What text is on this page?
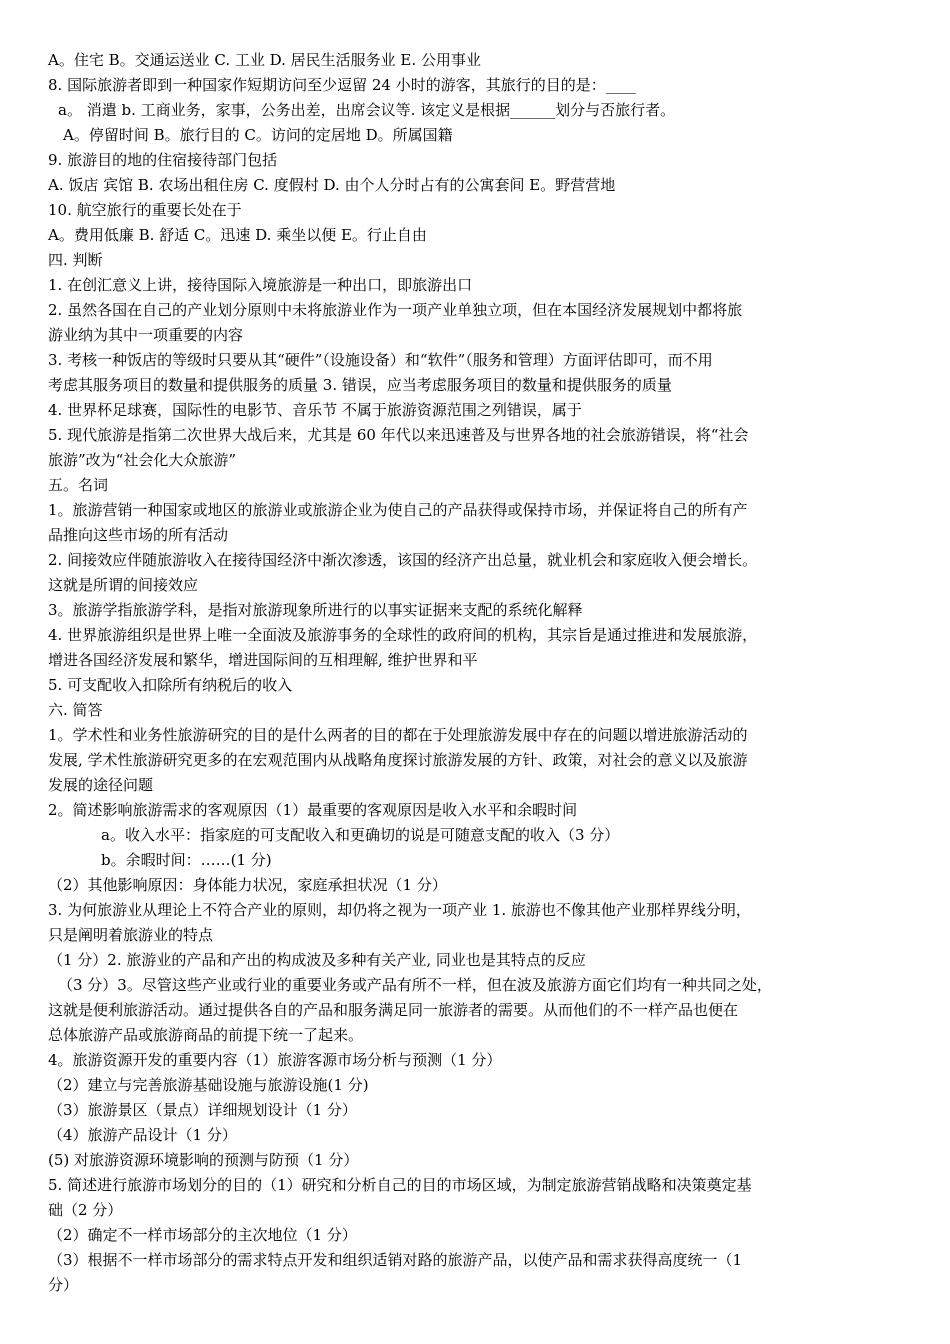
A。住宅 B。交通运送业 C. 工业 D. 居民生活服务业 E. 公用事业
8. 国际旅游者即到一种国家作短期访问至少逗留 24 小时的游客，其旅行的目的是：____
a。 消遣 b. 工商业务，家事，公务出差，出席会议等. 该定义是根据______划分与否旅行者。
A。停留时间 B。旅行目的 C。访问的定居地 D。所属国籍
9. 旅游目的地的住宿接待部门包括
A. 饭店 宾馆 B. 农场出租住房 C. 度假村 D. 由个人分时占有的公寓套间 E。野营营地
10. 航空旅行的重要长处在于
A。费用低廉 B. 舒适 C。迅速 D. 乘坐以便 E。行止自由
四. 判断
1. 在创汇意义上讲，接待国际入境旅游是一种出口，即旅游出口
2. 虽然各国在自己的产业划分原则中未将旅游业作为一项产业单独立项，但在本国经济发展规划中都将旅
游业纳为其中一项重要的内容
3. 考核一种饭店的等级时只要从其“硬件”（设施设备）和“软件”（服务和管理）方面评估即可，而不用
考虑其服务项目的数量和提供服务的质量 3. 错误，应当考虑服务项目的数量和提供服务的质量
4. 世界杯足球赛，国际性的电影节、音乐节 不属于旅游资源范围之列错误，属于
5. 现代旅游是指第二次世界大战后来，尤其是 60 年代以来迅速普及与世界各地的社会旅游错误，将“社会
旅游”改为“社会化大众旅游”
五。名词
1。旅游营销一种国家或地区的旅游业或旅游企业为使自己的产品获得或保持市场，并保证将自己的所有产
品推向这些市场的所有活动
2. 间接效应伴随旅游收入在接待国经济中渐次渗透，该国的经济产出总量，就业机会和家庭收入便会增长。
这就是所谓的间接效应
3。旅游学指旅游学科，是指对旅游现象所进行的以事实证据来支配的系统化解释
4. 世界旅游组织是世界上唯一全面波及旅游事务的全球性的政府间的机构，其宗旨是通过推进和发展旅游，
增进各国经济发展和繁华，增进国际间的互相理解, 维护世界和平
5. 可支配收入扣除所有纳税后的收入
六. 简答
1。学术性和业务性旅游研究的目的是什么两者的目的都在于处理旅游发展中存在的问题以增进旅游活动的
发展, 学术性旅游研究更多的在宏观范围内从战略角度探讨旅游发展的方针、政策，对社会的意义以及旅游
发展的途径问题
2。简述影响旅游需求的客观原因（1）最重要的客观原因是收入水平和余暇时间
a。收入水平：指家庭的可支配收入和更确切的说是可随意支配的收入（3 分）
b。余暇时间：……(1 分)
（2）其他影响原因：身体能力状况，家庭承担状况（1 分）
3. 为何旅游业从理论上不符合产业的原则，却仍将之视为一项产业 1. 旅游也不像其他产业那样界线分明，
只是阐明着旅游业的特点
（1 分）2. 旅游业的产品和产出的构成波及多种有关产业, 同业也是其特点的反应
（3 分）3。尽管这些产业或行业的重要业务或产品有所不一样，但在波及旅游方面它们均有一种共同之处，
这就是便利旅游活动。通过提供各自的产品和服务满足同一旅游者的需要。从而他们的不一样产品也便在
总体旅游产品或旅游商品的前提下统一了起来。
4。旅游资源开发的重要内容（1）旅游客源市场分析与预测（1 分）
（2）建立与完善旅游基础设施与旅游设施(1 分)
（3）旅游景区（景点）详细规划设计（1 分）
（4）旅游产品设计（1 分）
(5) 对旅游资源环境影响的预测与防预（1 分）
5. 简述进行旅游市场划分的目的（1）研究和分析自己的目的市场区域，为制定旅游营销战略和决策奠定基
础（2 分）
（2）确定不一样市场部分的主次地位（1 分）
（3）根据不一样市场部分的需求特点开发和组织适销对路的旅游产品，以使产品和需求获得高度统一（1
分）
